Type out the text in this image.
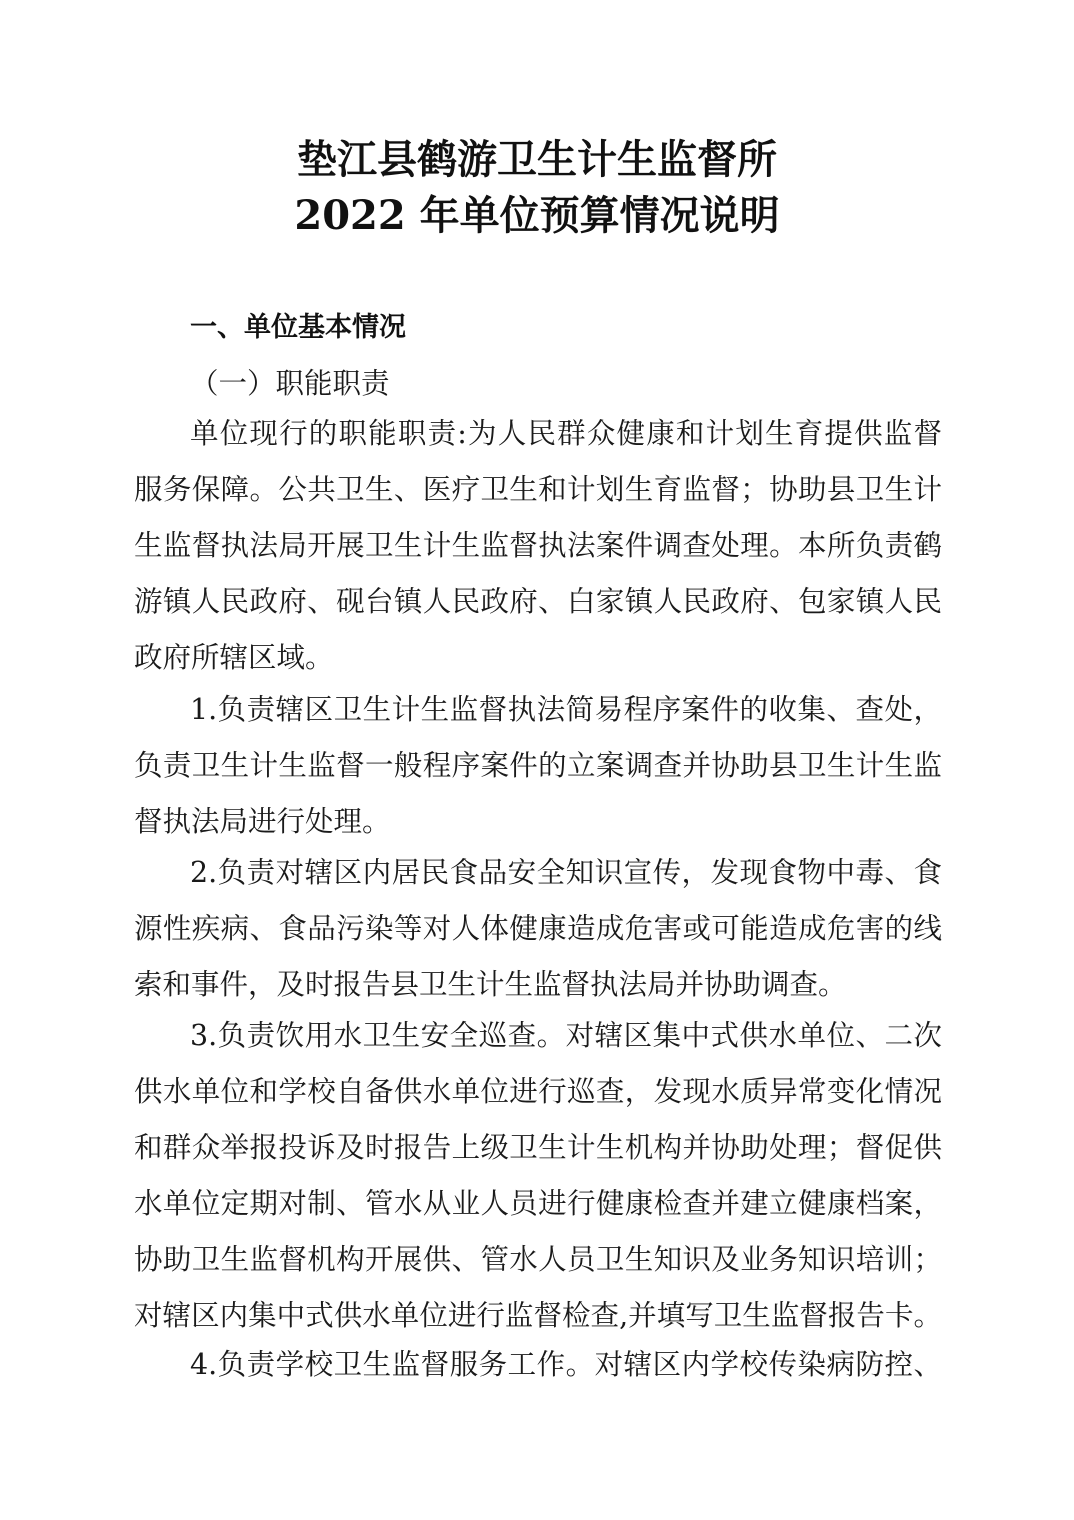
垫江县鹤游卫生计生监督所
2022 年单位预算情况说明
一、单位基本情况
（一）职能职责
单位现行的职能职责:为人民群众健康和计划生育提供监督
服务保障。公共卫生、医疗卫生和计划生育监督；协助县卫生计
生监督执法局开展卫生计生监督执法案件调查处理。本所负责鹤
游镇人民政府、砚台镇人民政府、白家镇人民政府、包家镇人民
政府所辖区域。
1.负责辖区卫生计生监督执法简易程序案件的收集、查处，
负责卫生计生监督一般程序案件的立案调查并协助县卫生计生监
督执法局进行处理。
2.负责对辖区内居民食品安全知识宣传，发现食物中毒、食
源性疾病、食品污染等对人体健康造成危害或可能造成危害的线
索和事件，及时报告县卫生计生监督执法局并协助调查。
3.负责饮用水卫生安全巡查。对辖区集中式供水单位、二次
供水单位和学校自备供水单位进行巡查，发现水质异常变化情况
和群众举报投诉及时报告上级卫生计生机构并协助处理；督促供
水单位定期对制、管水从业人员进行健康检查并建立健康档案，
协助卫生监督机构开展供、管水人员卫生知识及业务知识培训；
对辖区内集中式供水单位进行监督检查,并填写卫生监督报告卡。
4.负责学校卫生监督服务工作。对辖区内学校传染病防控、
